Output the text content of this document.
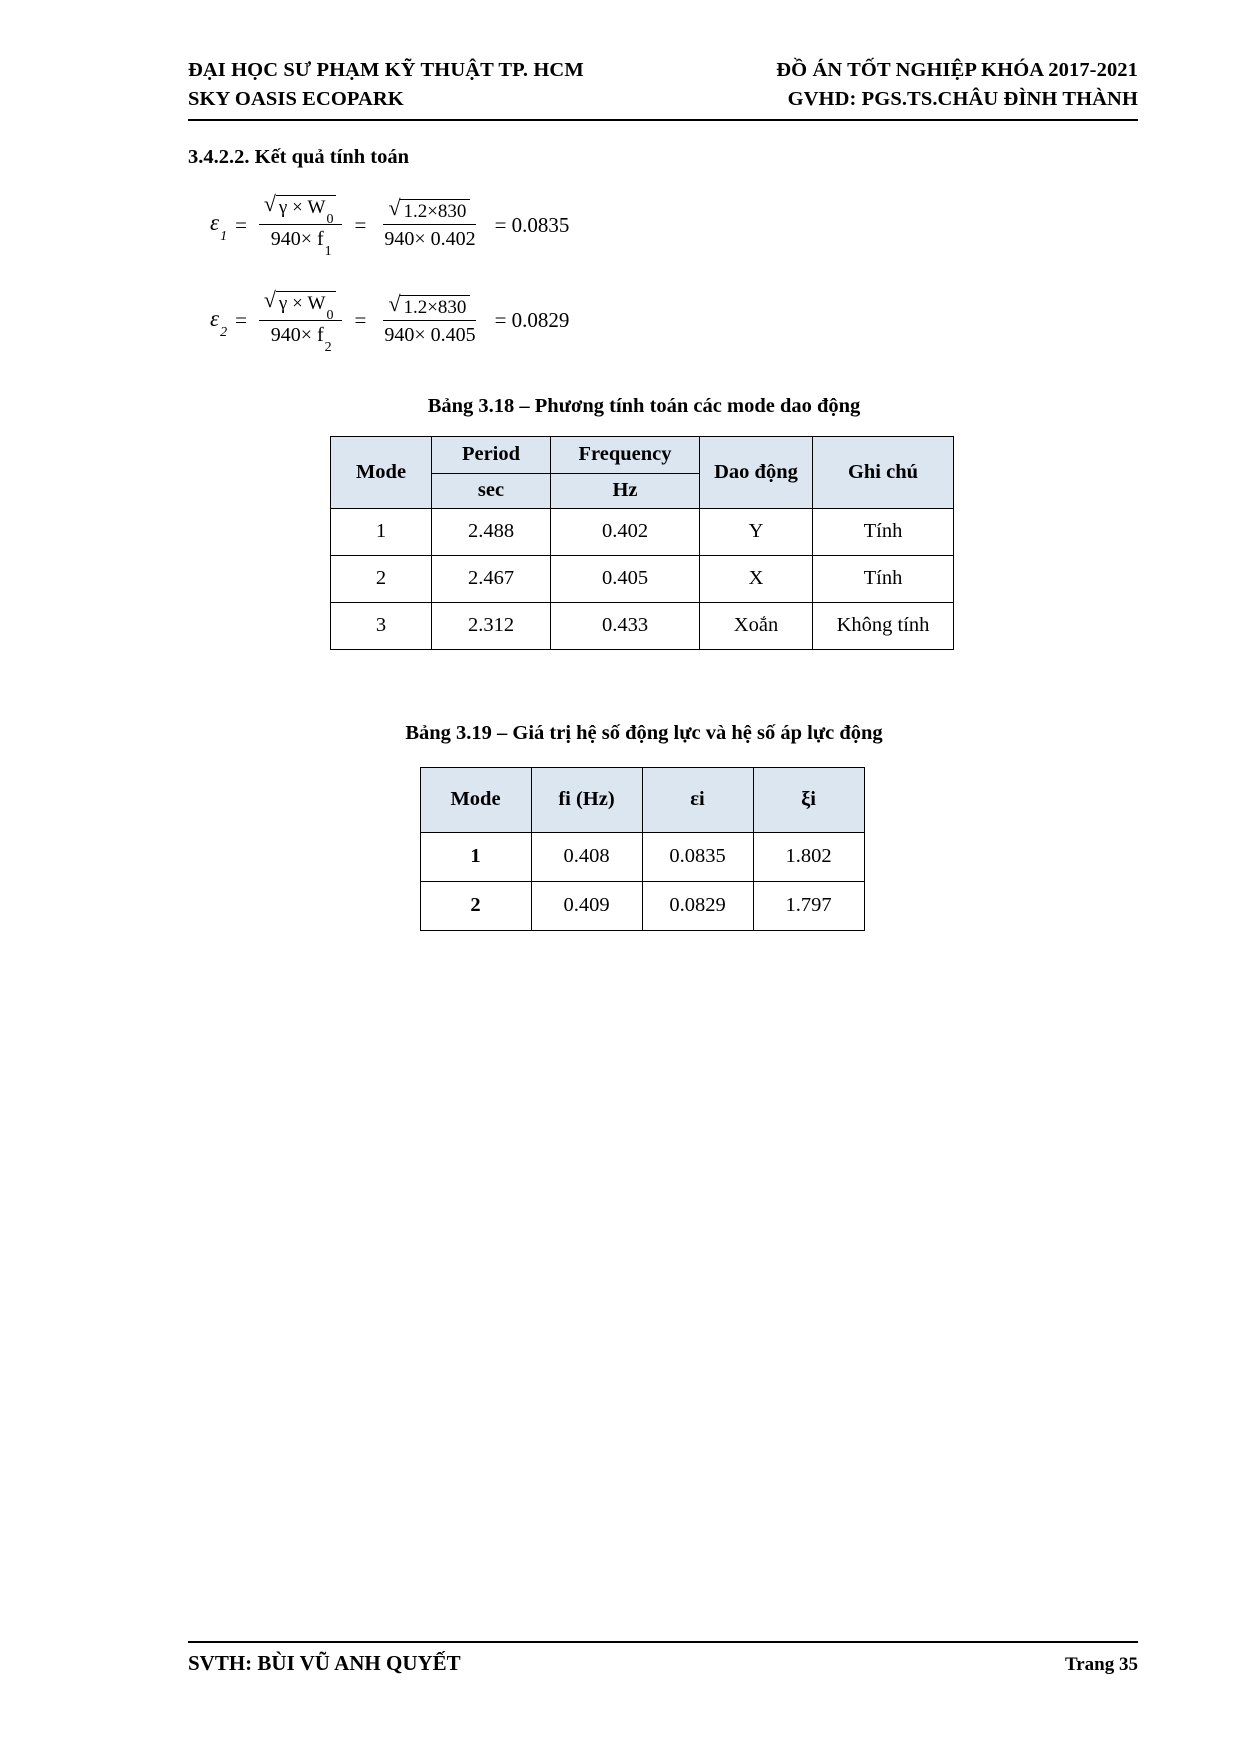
ĐẠI HỌC SƯ PHẠM KỸ THUẬT TP. HCM	ĐỒ ÁN TỐT NGHIỆP KHÓA 2017-2021
SKY OASIS ECOPARK	GVHD: PGS.TS.CHÂU ĐÌNH THÀNH
3.4.2.2. Kết quả tính toán
$\varepsilon_1$
= √ $\frac{\gamma \times W_0}{940\times f_1}$ = √ $\frac{1.2\times 830}{940\times 0.402} = 0.0835$
$\varepsilon_2$
= √ $\frac{\gamma \times W_0}{940\times f_2}$ = √ $\frac{1.2\times 830}{940\times 0.405} = 0.0829$
Bảng 3.18 – Phương tính toán các mode dao động
Mode	Period	Frequency	Dao động	Ghi chú
	sec	Hz		
1	2.488	0.402	Y	Tính
2	2.467	0.405	X	Tính
3	2.312	0.433	Xoắn	Không tính
Bảng 3.19 – Giá trị hệ số động lực và hệ số áp lực động
Mode	fi (Hz)	εi	ξi
1	0.408	0.0835	1.802
2	0.409	0.0829	1.797
SVTH: BÙI VŨ ANH QUYẾT	Trang 35
